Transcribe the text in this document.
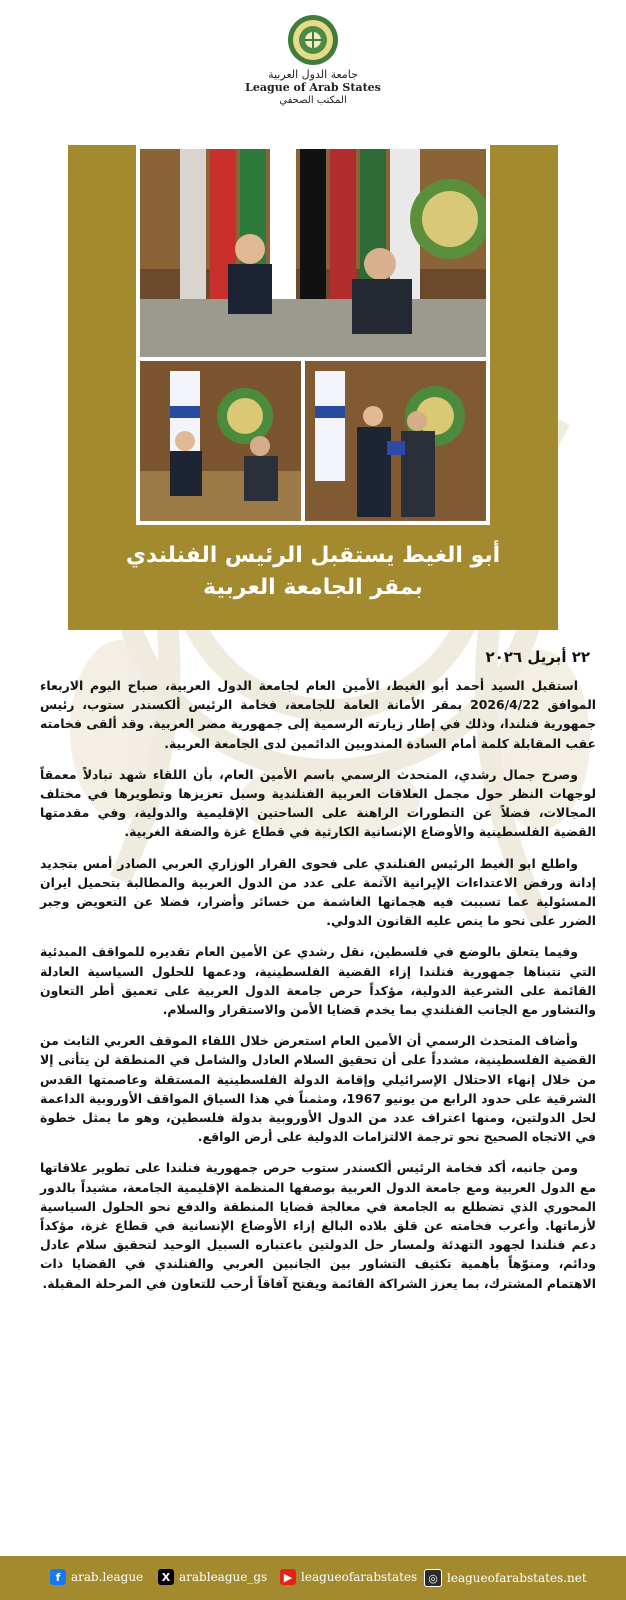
جامعة الدول العربية
League of Arab States
المكتب الصحفي
أبو الغيط يستقبل الرئيس الفنلندي
بمقر الجامعة العربية
٢٢ أبريل ٢٠٢٦

استقبل السيد أحمد أبو الغيط، الأمين العام لجامعة الدول العربية، صباح اليوم الاربعاء الموافق 2026/4/22 بمقر الأمانة العامة للجامعة، فخامة الرئيس ألكسندر ستوب، رئيس جمهورية فنلندا، وذلك في إطار زيارته الرسمية إلى جمهورية مصر العربية. وقد ألقى فخامته عقب المقابلة كلمة أمام السادة المندوبين الدائمين لدى الجامعة العربية.

وصرح جمال رشدي، المتحدث الرسمي باسم الأمين العام، بأن اللقاء شهد تبادلاً معمقاً لوجهات النظر حول مجمل العلاقات العربية الفنلندية وسبل تعزيزها وتطويرها في مختلف المجالات، فضلاً عن التطورات الراهنة على الساحتين الإقليمية والدولية، وفي مقدمتها القضية الفلسطينية والأوضاع الإنسانية الكارثية في قطاع غزة والضفة الغربية.

واطلع ابو الغيط الرئيس الفنلندي على فحوى القرار الوزاري العربي الصادر أمس بتجديد إدانة ورفض الاعتداءات الإيرانية الآثمة على عدد من الدول العربية والمطالبة بتحميل ايران المسئولية عما تسببت فيه هجماتها الغاشمة من خسائر وأضرار، فضلا عن التعويض وجبر الضرر على نحو ما ينص عليه القانون الدولي.

وفيما يتعلق بالوضع في فلسطين، نقل رشدي عن الأمين العام تقديره للمواقف المبدئية التي تتبناها جمهورية فنلندا إزاء القضية الفلسطينية، ودعمها للحلول السياسية العادلة القائمة على الشرعية الدولية، مؤكداً حرص جامعة الدول العربية على تعميق أطر التعاون والتشاور مع الجانب الفنلندي بما يخدم قضايا الأمن والاستقرار والسلام.

وأضاف المتحدث الرسمي أن الأمين العام استعرض خلال اللقاء الموقف العربي الثابت من القضية الفلسطينية، مشدداً على أن تحقيق السلام العادل والشامل في المنطقة لن يتأتى إلا من خلال إنهاء الاحتلال الإسرائيلي وإقامة الدولة الفلسطينية المستقلة وعاصمتها القدس الشرقية على حدود الرابع من يونيو 1967، ومثمناً في هذا السياق المواقف الأوروبية الداعمة لحل الدولتين، ومنها اعتراف عدد من الدول الأوروبية بدولة فلسطين، وهو ما يمثل خطوة في الاتجاه الصحيح نحو ترجمة الالتزامات الدولية على أرض الواقع.

ومن جانبه، أكد فخامة الرئيس ألكسندر ستوب حرص جمهورية فنلندا على تطوير علاقاتها مع الدول العربية ومع جامعة الدول العربية بوصفها المنظمة الإقليمية الجامعة، مشيداً بالدور المحوري الذي تضطلع به الجامعة في معالجة قضايا المنطقة والدفع نحو الحلول السياسية لأزماتها. وأعرب فخامته عن قلق بلاده البالغ إزاء الأوضاع الإنسانية في قطاع غزة، مؤكداً دعم فنلندا لجهود التهدئة ولمسار حل الدولتين باعتباره السبيل الوحيد لتحقيق سلام عادل ودائم، ومنوّهاً بأهمية تكثيف التشاور بين الجانبين العربي والفنلندي في القضايا ذات الاهتمام المشترك، بما يعزز الشراكة القائمة ويفتح آفاقاً أرحب للتعاون في المرحلة المقبلة.

f arab.league	X arableague_gs	▶ leagueofarabstates ◎ leagueofarabstates.net
